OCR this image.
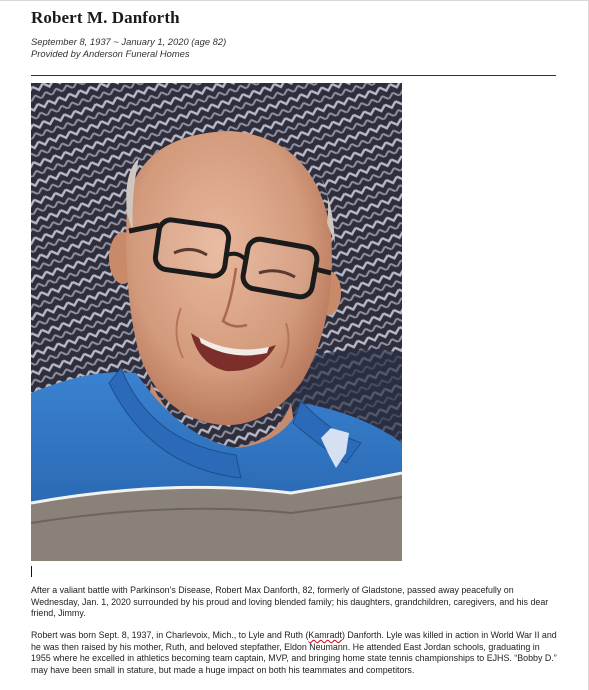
Robert M. Danforth
September 8, 1937 ~ January 1, 2020 (age 82)
Provided by Anderson Funeral Homes

After a valiant battle with Parkinson's Disease, Robert Max Danforth, 82, formerly of Gladstone, passed away peacefully on Wednesday, Jan. 1, 2020 surrounded by his proud and loving blended family; his daughters, grandchildren, caregivers, and his dear friend, Jimmy.

Robert was born Sept. 8, 1937, in Charlevoix, Mich., to Lyle and Ruth (Kamradt) Danforth. Lyle was killed in action in World War II and he was then raised by his mother, Ruth, and beloved stepfather, Eldon Neumann. He attended East Jordan schools, graduating in 1955 where he excelled in athletics becoming team captain, MVP, and bringing home state tennis championships to EJHS. “Bobby D.” may have been small in stature, but made a huge impact on both his teammates and competitors.
